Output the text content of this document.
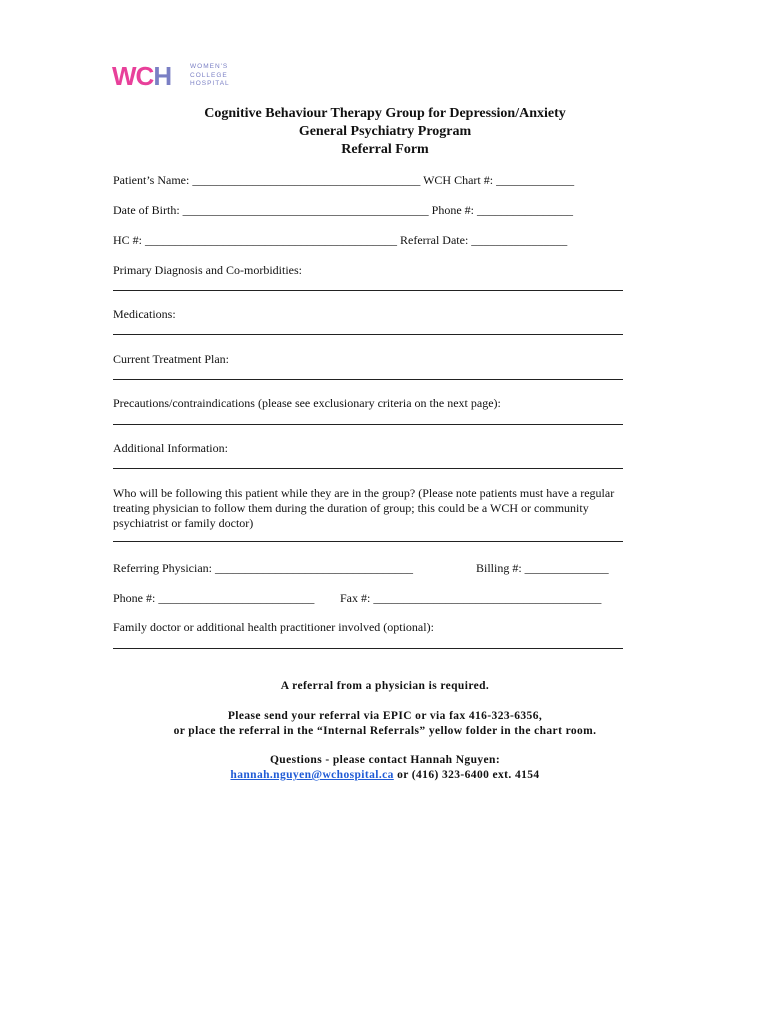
WCH	WOMEN'S
COLLEGE
HOSPITAL
Cognitive Behaviour Therapy Group for Depression/Anxiety
General Psychiatry Program
Referral Form
Patient’s Name: ______________________________________ WCH Chart #: _____________
Date of Birth: _________________________________________ Phone #: ________________
HC #: __________________________________________ Referral Date: ________________
Primary Diagnosis and Co-morbidities:
Medications:
Current Treatment Plan:
Precautions/contraindications (please see exclusionary criteria on the next page):
Additional Information:
Who will be following this patient while they are in the group? (Please note patients must have a regular treating physician to follow them during the duration of group; this could be a WCH or community psychiatrist or family doctor)
Referring Physician: _________________________________	Billing #: ______________
Phone #: __________________________ Fax #: ______________________________________
Family doctor or additional health practitioner involved (optional):
A referral from a physician is required.
Please send your referral via EPIC or via fax 416-323-6356,
or place the referral in the “Internal Referrals” yellow folder in the chart room.
Questions - please contact Hannah Nguyen:
hannah.nguyen@wchospital.ca or (416) 323-6400 ext. 4154
